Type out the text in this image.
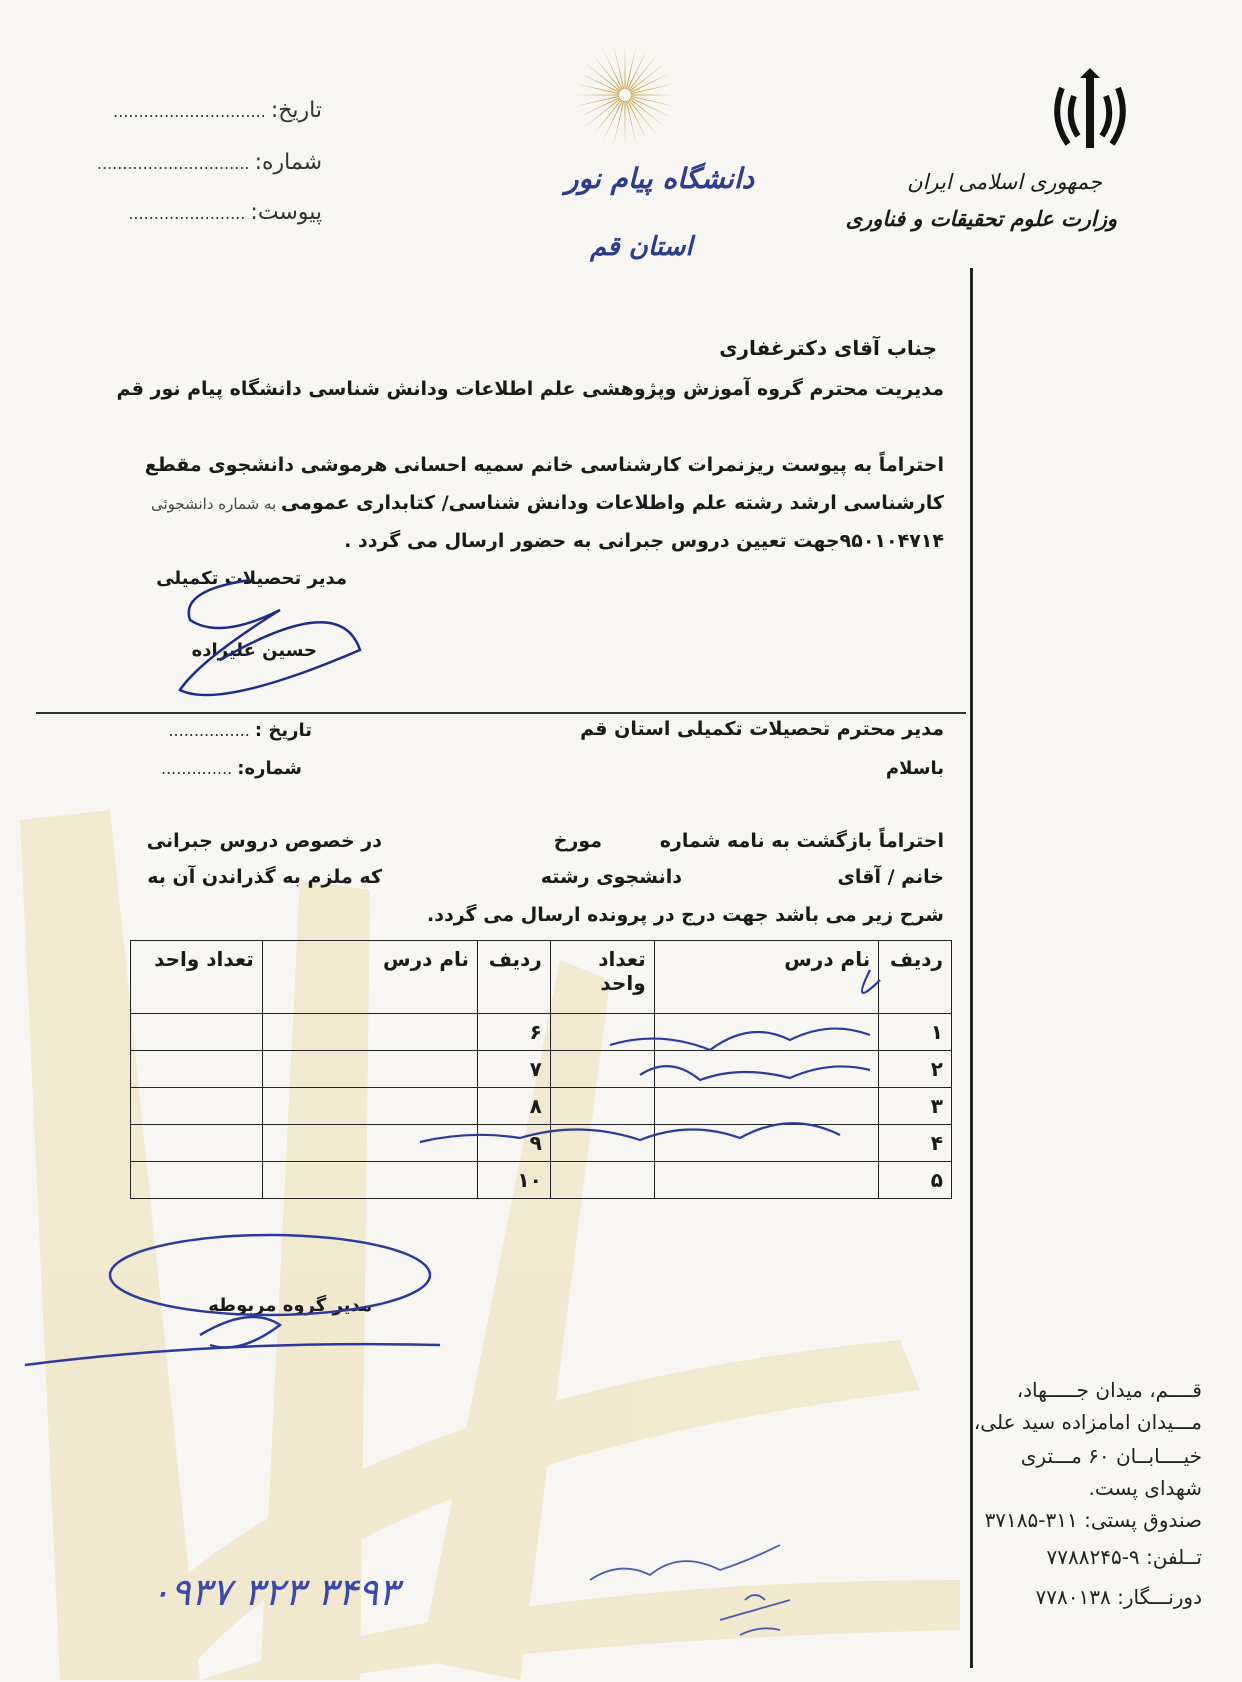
جمهوری اسلامی ایران
وزارت علوم تحقیقات و فناوری
دانشگاه پیام نور
استان قم
تاریخ: ..............................
شماره: ..............................
پیوست: .......................
جناب آقای دکترغفاری
مدیریت محترم گروه آموزش وپژوهشی علم اطلاعات ودانش شناسی دانشگاه پیام نور قم
احتراماً به پیوست ریزنمرات کارشناسی خانم سمیه احسانی هرموشی دانشجوی مقطع
کارشناسی ارشد رشته علم واطلاعات ودانش شناسی/ کتابداری عمومی به شماره دانشجوئی
۹۵۰۱۰۴۷۱۴جهت تعیین دروس جبرانی به حضور ارسال می گردد .
مدیر تحصیلات تکمیلی
حسین علیزاده
مدیر محترم تحصیلات تکمیلی استان قم
باسلام
تاریخ : ................
شماره: ..............
احتراماً بازگشت به نامه شماره
مورخ
در خصوص دروس جبرانی
خانم / آقای
دانشجوی رشته
که ملزم به گذراندن آن به
شرح زیر می باشد جهت درج در پرونده ارسال می گردد.
ردیف	نام درس	تعداد واحد	ردیف	نام درس	تعداد واحد
۱			۶		
۲			۷		
۳			۸		
۴			۹		
۵			۱۰		
مدیر گروه مربوطه
۰۹۳۷ ۳۲۳ ۳۴۹۳
قــــم، میدان جـــــهاد،
مـــیدان امامزاده سید علی،
خیــــابــان ۶۰ مـــتری
شهدای پست.
صندوق پستی: ۳۱۱-۳۷۱۸۵
تــلفن: ۹-۷۷۸۸۲۴۵
دورنـــگار: ۷۷۸۰۱۳۸
